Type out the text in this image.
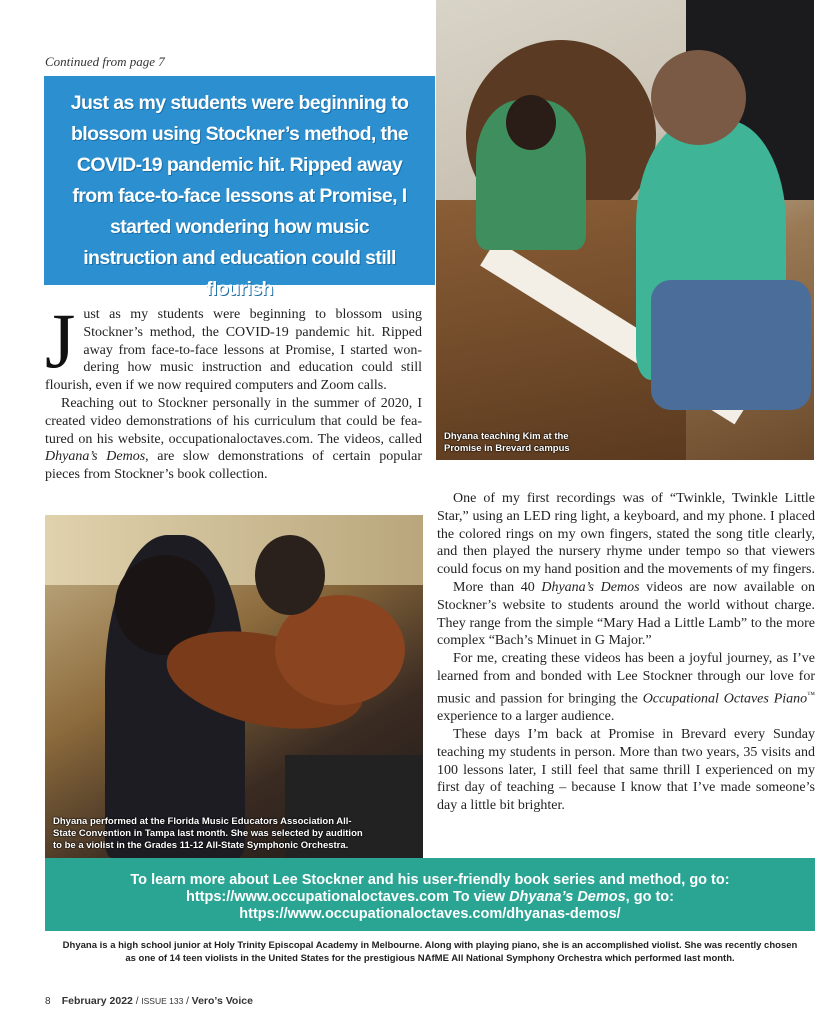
Continued from page 7
Just as my students were beginning to blossom using Stockner’s method, the COVID-19 pandemic hit. Ripped away from face-to-face lessons at Promise, I started wondering how music instruction and education could still flourish
Dhyana teaching Kim at the
Promise in Brevard campus

Just as my students were beginning to blossom using Stockner’s method, the COVID-19 pandemic hit. Ripped away from face-to-face lessons at Promise, I started wondering how music instruction and education could still flourish, even if we now required computers and Zoom calls.

Reaching out to Stockner personally in the summer of 2020, I created video demonstrations of his curriculum that could be featured on his website, occupationaloctaves.com. The videos, called Dhyana’s Demos, are slow demonstrations of certain popular pieces from Stockner’s book collection.

Dhyana performed at the Florida Music Educators Association All-
State Convention in Tampa last month. She was selected by audition
to be a violist in the Grades 11-12 All-State Symphonic Orchestra.

One of my first recordings was of “Twinkle, Twinkle Little Star,” using an LED ring light, a keyboard, and my phone. I placed the colored rings on my own fingers, stated the song title clearly, and then played the nursery rhyme under tempo so that viewers could focus on my hand position and the movements of my fingers.

More than 40 Dhyana’s Demos videos are now available on Stockner’s website to students around the world without charge. They range from the simple “Mary Had a Little Lamb” to the more complex “Bach’s Minuet in G Major.”

For me, creating these videos has been a joyful journey, as I’ve learned from and bonded with Lee Stockner through our love for music and passion for bringing the Occupational Octaves Piano™ experience to a larger audience.

These days I’m back at Promise in Brevard every Sunday teaching my students in person. More than two years, 35 visits and 100 lessons later, I still feel that same thrill I experienced on my first day of teaching – because I know that I’ve made someone’s day a little bit brighter.

To learn more about Lee Stockner and his user-friendly book series and method, go to:
https://www.occupationaloctaves.com To view Dhyana’s Demos, go to:
https://www.occupationaloctaves.com/dhyanas-demos/
Dhyana is a high school junior at Holy Trinity Episcopal Academy in Melbourne. Along with playing piano, she is an accomplished violist. She was recently chosen as one of 14 teen violists in the United States for the prestigious NAfME All National Symphony Orchestra which performed last month.
8 February 2022 / ISSUE 133 / Vero’s Voice
